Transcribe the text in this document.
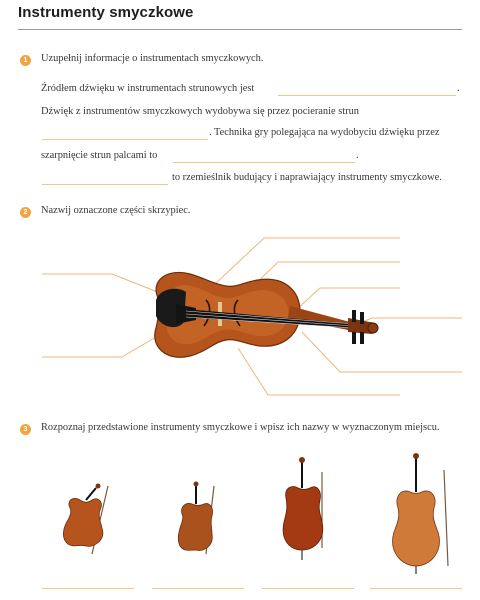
Instrumenty smyczkowe
1	Uzupełnij informacje o instrumentach smyczkowych.
Źródłem dźwięku w instrumentach strunowych jest	.
Dźwięk z instrumentów smyczkowych wydobywa się przez pocieranie strun
. Technika gry polegająca na wydobyciu dźwięku przez
szarpnięcie strun palcami to	.
to rzemieślnik budujący i naprawiający instrumenty smyczkowe.
2	Nazwij oznaczone części skrzypiec.
3	Rozpoznaj przedstawione instrumenty smyczkowe i wpisz ich nazwy w wyznaczonym miejscu.
